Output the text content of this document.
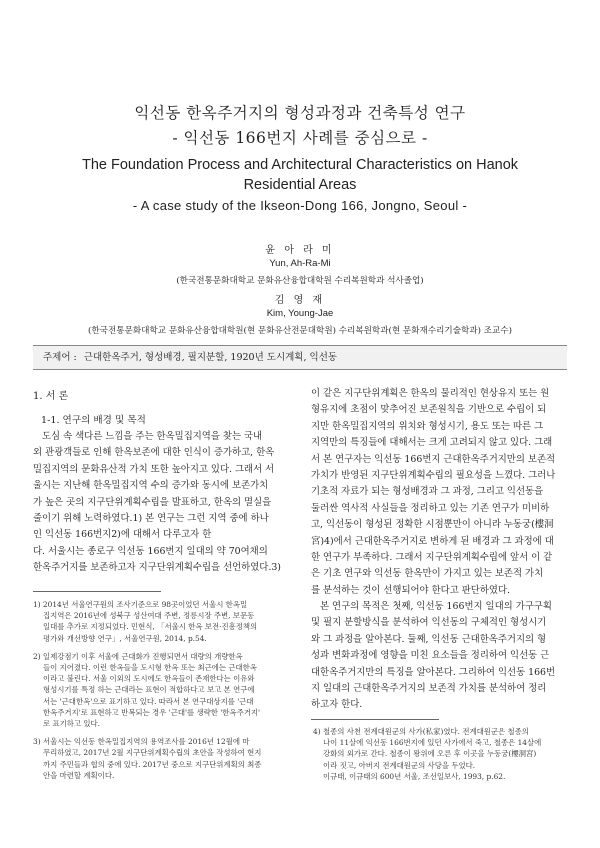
익선동 한옥주거지의 형성과정과 건축특성 연구
- 익선동 166번지 사례를 중심으로 -
The Foundation Process and Architectural Characteristics on Hanok
Residential Areas
- A case study of the Ikseon-Dong 166, Jongno, Seoul -
윤 아 라 미
Yun, Ah-Ra-Mi
(한국전통문화대학교 문화유산융합대학원 수리복원학과 석사졸업)
김 영 재
Kim, Young-Jae
(한국전통문화대학교 문화유산융합대학원(현 문화유산전문대학원) 수리복원학과(현 문화재수리기술학과) 조교수)
주제어 : 근대한옥주거, 형성배경, 필지분할, 1920년 도시계획, 익선동
1. 서 론
1-1. 연구의 배경 및 목적
도심 속 색다른 느낌을 주는 한옥밀집지역을 찾는 국내
외 관광객들로 인해 한옥보존에 대한 인식이 증가하고, 한옥
밀집지역의 문화유산적 가치 또한 높아지고 있다. 그래서 서
울시는 지난해 한옥밀집지역 수의 증가와 동시에 보존가치
가 높은 곳의 지구단위계획수립을 발표하고, 한옥의 멸실을
줄이기 위해 노력하였다.1) 본 연구는 그런 지역 중에 하나
인 익선동 166번지2)에 대해서 다루고자 한
다. 서울시는 종로구 익선동 166번지 일대의 약 70여채의
한옥주거지를 보존하고자 지구단위계획수립을 선언하였다.3)
1) 2014년 서울연구원의 조사기준으로 98곳이었던 서울시 한옥밀
집지역은 2016년에 성북구 성산여대 주변, 정릉시장 주변, 보문동
일대를 추가로 지정되었다. 민현식, 「서울시 한옥 보전·진흥정책의
평가와 개선방향 연구」, 서울연구원, 2014, p.54.
2) 일제강점기 이후 서울에 근대화가 진행되면서 대량의 개량한옥
들이 지어졌다. 이런 한옥들을 도시형 한옥 또는 최근에는 근대한옥
이라고 불린다. 서울 이외의 도시에도 한옥들이 존재한다는 이유와
형성시기를 특정 하는 근대라는 표현이 적합하다고 보고 본 연구에
서는 '근대한옥'으로 표기하고 있다. 따라서 본 연구대상지를 '근대
한옥주거지'로 표현하고 반복되는 경우 '근대'를 생략한 '한옥주거지'
로 표기하고 있다.
3) 서울시는 익선동 한옥밀집지역의 용역조사를 2016년 12월에 마
무리하였고, 2017년 2월 지구단위계획수립의 초안을 작성하여 현지
까지 주민들과 협의 중에 있다. 2017년 중으로 지구단위계획의 최종
안을 마련할 계획이다.
이 같은 지구단위계획은 한옥의 물리적인 현상유지 또는 원
형유지에 초점이 맞추어진 보존원칙을 기반으로 수립이 되
지만 한옥밀집지역의 위치와 형성시기, 용도 또는 따른 그
지역만의 특징들에 대해서는 크게 고려되지 않고 있다. 그래
서 본 연구자는 익선동 166번지 근대한옥주거지만의 보존적
가치가 반영된 지구단위계획수립의 필요성을 느꼈다. 그러나
기초적 자료가 되는 형성배경과 그 과정, 그리고 익선동을
둘러싼 역사적 사실들을 정리하고 있는 기존 연구가 미비하
고, 익선동이 형성된 정확한 시점뿐만이 아니라 누동궁(樓洞
宮)4)에서 근대한옥주거지로 변하게 된 배경과 그 과정에 대
한 연구가 부족하다. 그래서 지구단위계획수립에 앞서 이 같
은 기초 연구와 익선동 한옥만이 가지고 있는 보존적 가치
를 분석하는 것이 선행되어야 한다고 판단하였다.
본 연구의 목적은 첫째, 익선동 166번지 일대의 가구구획
및 필지 분할방식을 분석하여 익선동의 구체적인 형성시기
와 그 과정을 알아본다. 둘째, 익선동 근대한옥주거지의 형
성과 변화과정에 영향을 미친 요소들을 정리하여 익선동 근
대한옥주거지만의 특징을 알아본다. 그리하여 익선동 166번
지 일대의 근대한옥주거지의 보존적 가치를 분석하여 정리
하고자 한다.
4) 철종의 사천 전계대원군의 사가(私家)였다. 전계대원군은 철종의
나이 11살에 익선동 166번지에 있던 사가에서 죽고, 철종은 14살에
강화의 외가로 간다. 철종이 왕위에 오른 후 이곳을 누동궁(樓洞宮)
이라 짓고, 아버지 전계대원군의 사당을 두었다.
이규태, 이규태의 600년 서울, 조선일보사, 1993, p.62.
